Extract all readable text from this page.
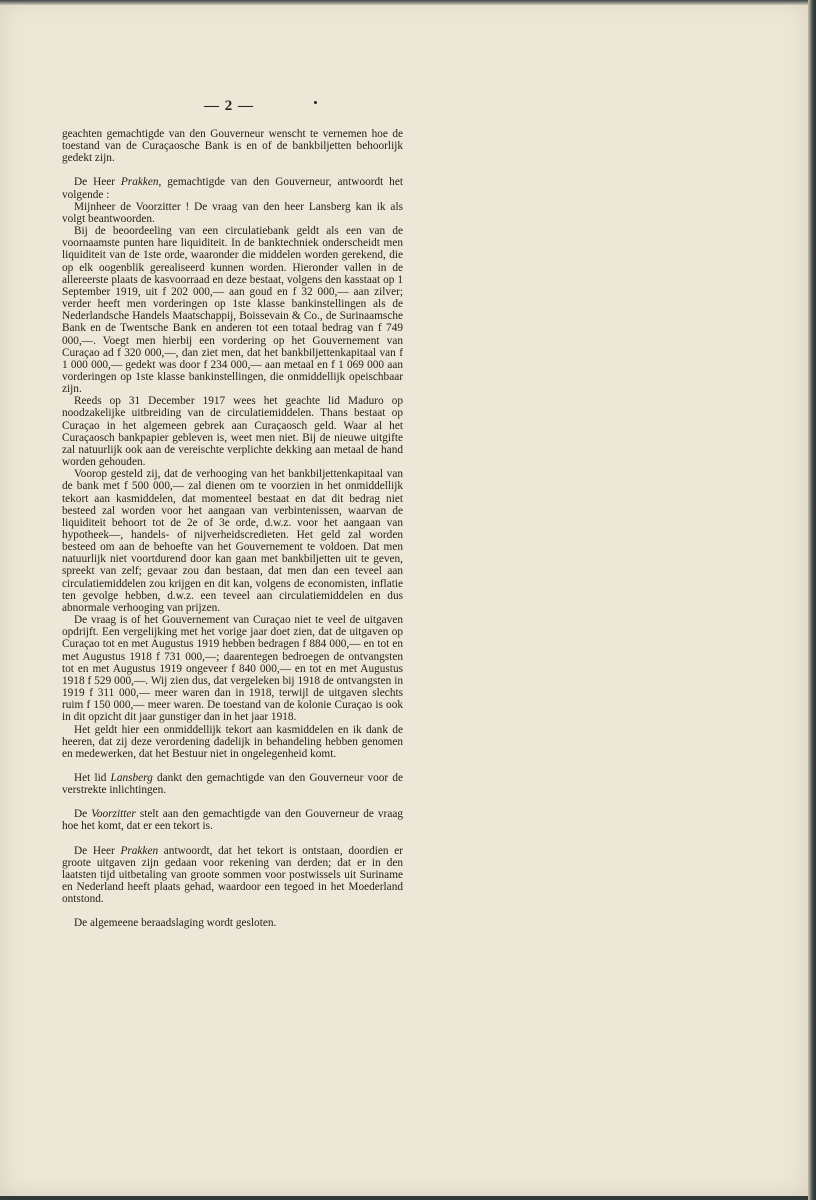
— 2 —

geachten gemachtigde van den Gouverneur wenscht te vernemen hoe de toestand van de Curaçaosche Bank is en of de bankbiljetten behoorlijk gedekt zijn.

De Heer Prakken, gemachtigde van den Gouverneur, antwoordt het volgende :

Mijnheer de Voorzitter ! De vraag van den heer Lansberg kan ik als volgt beantwoorden.

Bij de beoordeeling van een circulatiebank geldt als een van de voornaamste punten hare liquiditeit. In de banktechniek onderscheidt men liquiditeit van de 1ste orde, waaronder die middelen worden gerekend, die op elk oogenblik gerealiseerd kunnen worden. Hieronder vallen in de allereerste plaats de kasvoorraad en deze bestaat, volgens den kasstaat op 1 September 1919, uit f 202 000,— aan goud en f 32 000,— aan zilver; verder heeft men vorderingen op 1ste klasse bankinstellingen als de Nederlandsche Handels Maatschappij, Boissevain & Co., de Surinaamsche Bank en de Twentsche Bank en anderen tot een totaal bedrag van f 749 000,—. Voegt men hierbij een vordering op het Gouvernement van Curaçao ad f 320 000,—, dan ziet men, dat het bankbiljettenkapitaal van f 1 000 000,— gedekt was door f 234 000,— aan metaal en f 1 069 000 aan vorderingen op 1ste klasse bankinstellingen, die onmiddellijk opeischbaar zijn.

Reeds op 31 December 1917 wees het geachte lid Maduro op noodzakelijke uitbreiding van de circulatiemiddelen. Thans bestaat op Curaçao in het algemeen gebrek aan Curaçaosch geld. Waar al het Curaçaosch bankpapier gebleven is, weet men niet. Bij de nieuwe uitgifte zal natuurlijk ook aan de vereischte verplichte dekking aan metaal de hand worden gehouden.

Voorop gesteld zij, dat de verhooging van het bankbiljettenkapitaal van de bank met f 500 000,— zal dienen om te voorzien in het onmiddellijk tekort aan kasmiddelen, dat momenteel bestaat en dat dit bedrag niet besteed zal worden voor het aangaan van verbintenissen, waarvan de liquiditeit behoort tot de 2e of 3e orde, d.w.z. voor het aangaan van hypotheek—, handels- of nijverheidscredieten. Het geld zal worden besteed om aan de behoefte van het Gouvernement te voldoen. Dat men natuurlijk niet voortdurend door kan gaan met bankbiljetten uit te geven, spreekt van zelf; gevaar zou dan bestaan, dat men dan een teveel aan circulatiemiddelen zou krijgen en dit kan, volgens de economisten, inflatie ten gevolge hebben, d.w.z. een teveel aan circulatiemiddelen en dus abnormale verhooging van prijzen.

De vraag is of het Gouvernement van Curaçao niet te veel de uitgaven opdrijft. Een vergelijking met het vorige jaar doet zien, dat de uitgaven op Curaçao tot en met Augustus 1919 hebben bedragen f 884 000,— en tot en met Augustus 1918 f 731 000,—; daarentegen bedroegen de ontvangsten tot en met Augustus 1919 ongeveer f 840 000,— en tot en met Augustus 1918 f 529 000,—. Wij zien dus, dat vergeleken bij 1918 de ontvangsten in 1919 f 311 000,— meer waren dan in 1918, terwijl de uitgaven slechts ruim f 150 000,— meer waren. De toestand van de kolonie Curaçao is ook in dit opzicht dit jaar gunstiger dan in het jaar 1918.

Het geldt hier een onmiddellijk tekort aan kasmiddelen en ik dank de heeren, dat zij deze verordening dadelijk in behandeling hebben genomen en medewerken, dat het Bestuur niet in ongelegenheid komt.

Het lid Lansberg dankt den gemachtigde van den Gouverneur voor de verstrekte inlichtingen.

De Voorzitter stelt aan den gemachtigde van den Gouverneur de vraag hoe het komt, dat er een tekort is.

De Heer Prakken antwoordt, dat het tekort is ontstaan, doordien er groote uitgaven zijn gedaan voor rekening van derden; dat er in den laatsten tijd uitbetaling van groote sommen voor postwissels uit Suriname en Nederland heeft plaats gehad, waardoor een tegoed in het Moederland ontstond.

De algemeene beraadslaging wordt gesloten.
